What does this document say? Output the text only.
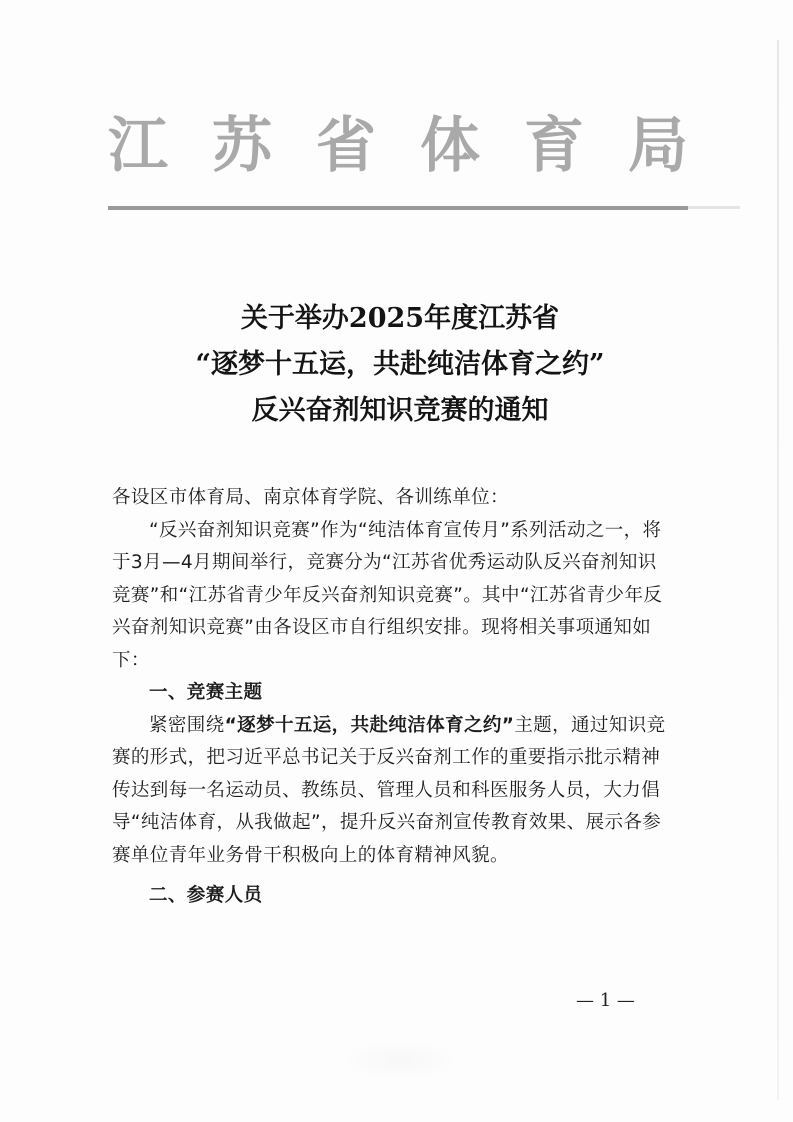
江 苏 省 体 育 局
关于举办2025年度江苏省
“逐梦十五运，共赴纯洁体育之约”
反兴奋剂知识竞赛的通知

各设区市体育局、南京体育学院、各训练单位：

“反兴奋剂知识竞赛”作为“纯洁体育宣传月”系列活动之一，将于3月—4月期间举行，竞赛分为“江苏省优秀运动队反兴奋剂知识竞赛”和“江苏省青少年反兴奋剂知识竞赛”。其中“江苏省青少年反兴奋剂知识竞赛”由各设区市自行组织安排。现将相关事项通知如下：

一、竞赛主题

紧密围绕“逐梦十五运，共赴纯洁体育之约”主题，通过知识竞赛的形式，把习近平总书记关于反兴奋剂工作的重要指示批示精神传达到每一名运动员、教练员、管理人员和科医服务人员，大力倡导“纯洁体育，从我做起”，提升反兴奋剂宣传教育效果、展示各参赛单位青年业务骨干积极向上的体育精神风貌。

二、参赛人员

— 1 —
